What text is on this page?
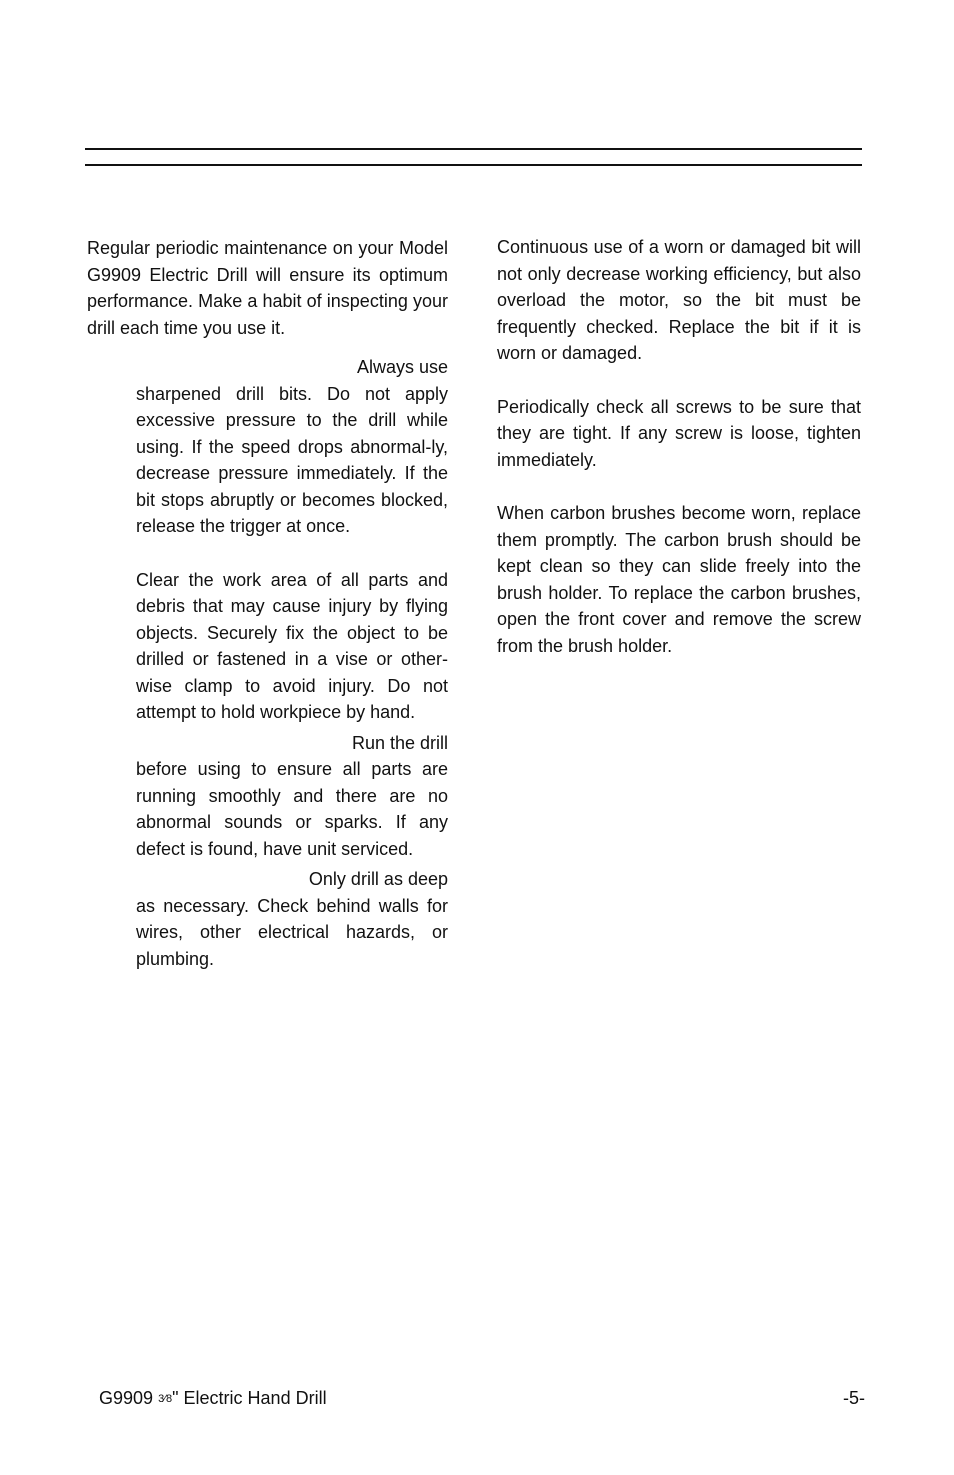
Regular periodic maintenance on your Model G9909 Electric Drill will ensure its optimum performance. Make a habit of inspecting your drill each time you use it.

Always use

sharpened drill bits. Do not apply excessive pressure to the drill while using. If the speed drops abnormal-ly, decrease pressure immediately. If the bit stops abruptly or becomes blocked, release the trigger at once.

Clear the work area of all parts and debris that may cause injury by flying objects. Securely fix the object to be drilled or fastened in a vise or other-wise clamp to avoid injury. Do not attempt to hold workpiece by hand.

Run the drill

before using to ensure all parts are running smoothly and there are no abnormal sounds or sparks. If any defect is found, have unit serviced.

Only drill as deep

as necessary. Check behind walls for wires, other electrical hazards, or plumbing.

Continuous use of a worn or damaged bit will not only decrease working efficiency, but also overload the motor, so the bit must be frequently checked. Replace the bit if it is worn or damaged.

Periodically check all screws to be sure that they are tight. If any screw is loose, tighten immediately.

When carbon brushes become worn, replace them promptly. The carbon brush should be kept clean so they can slide freely into the brush holder. To replace the carbon brushes, open the front cover and remove the screw from the brush holder.

G9909 3⁄8" Electric Hand Drill	-5-
